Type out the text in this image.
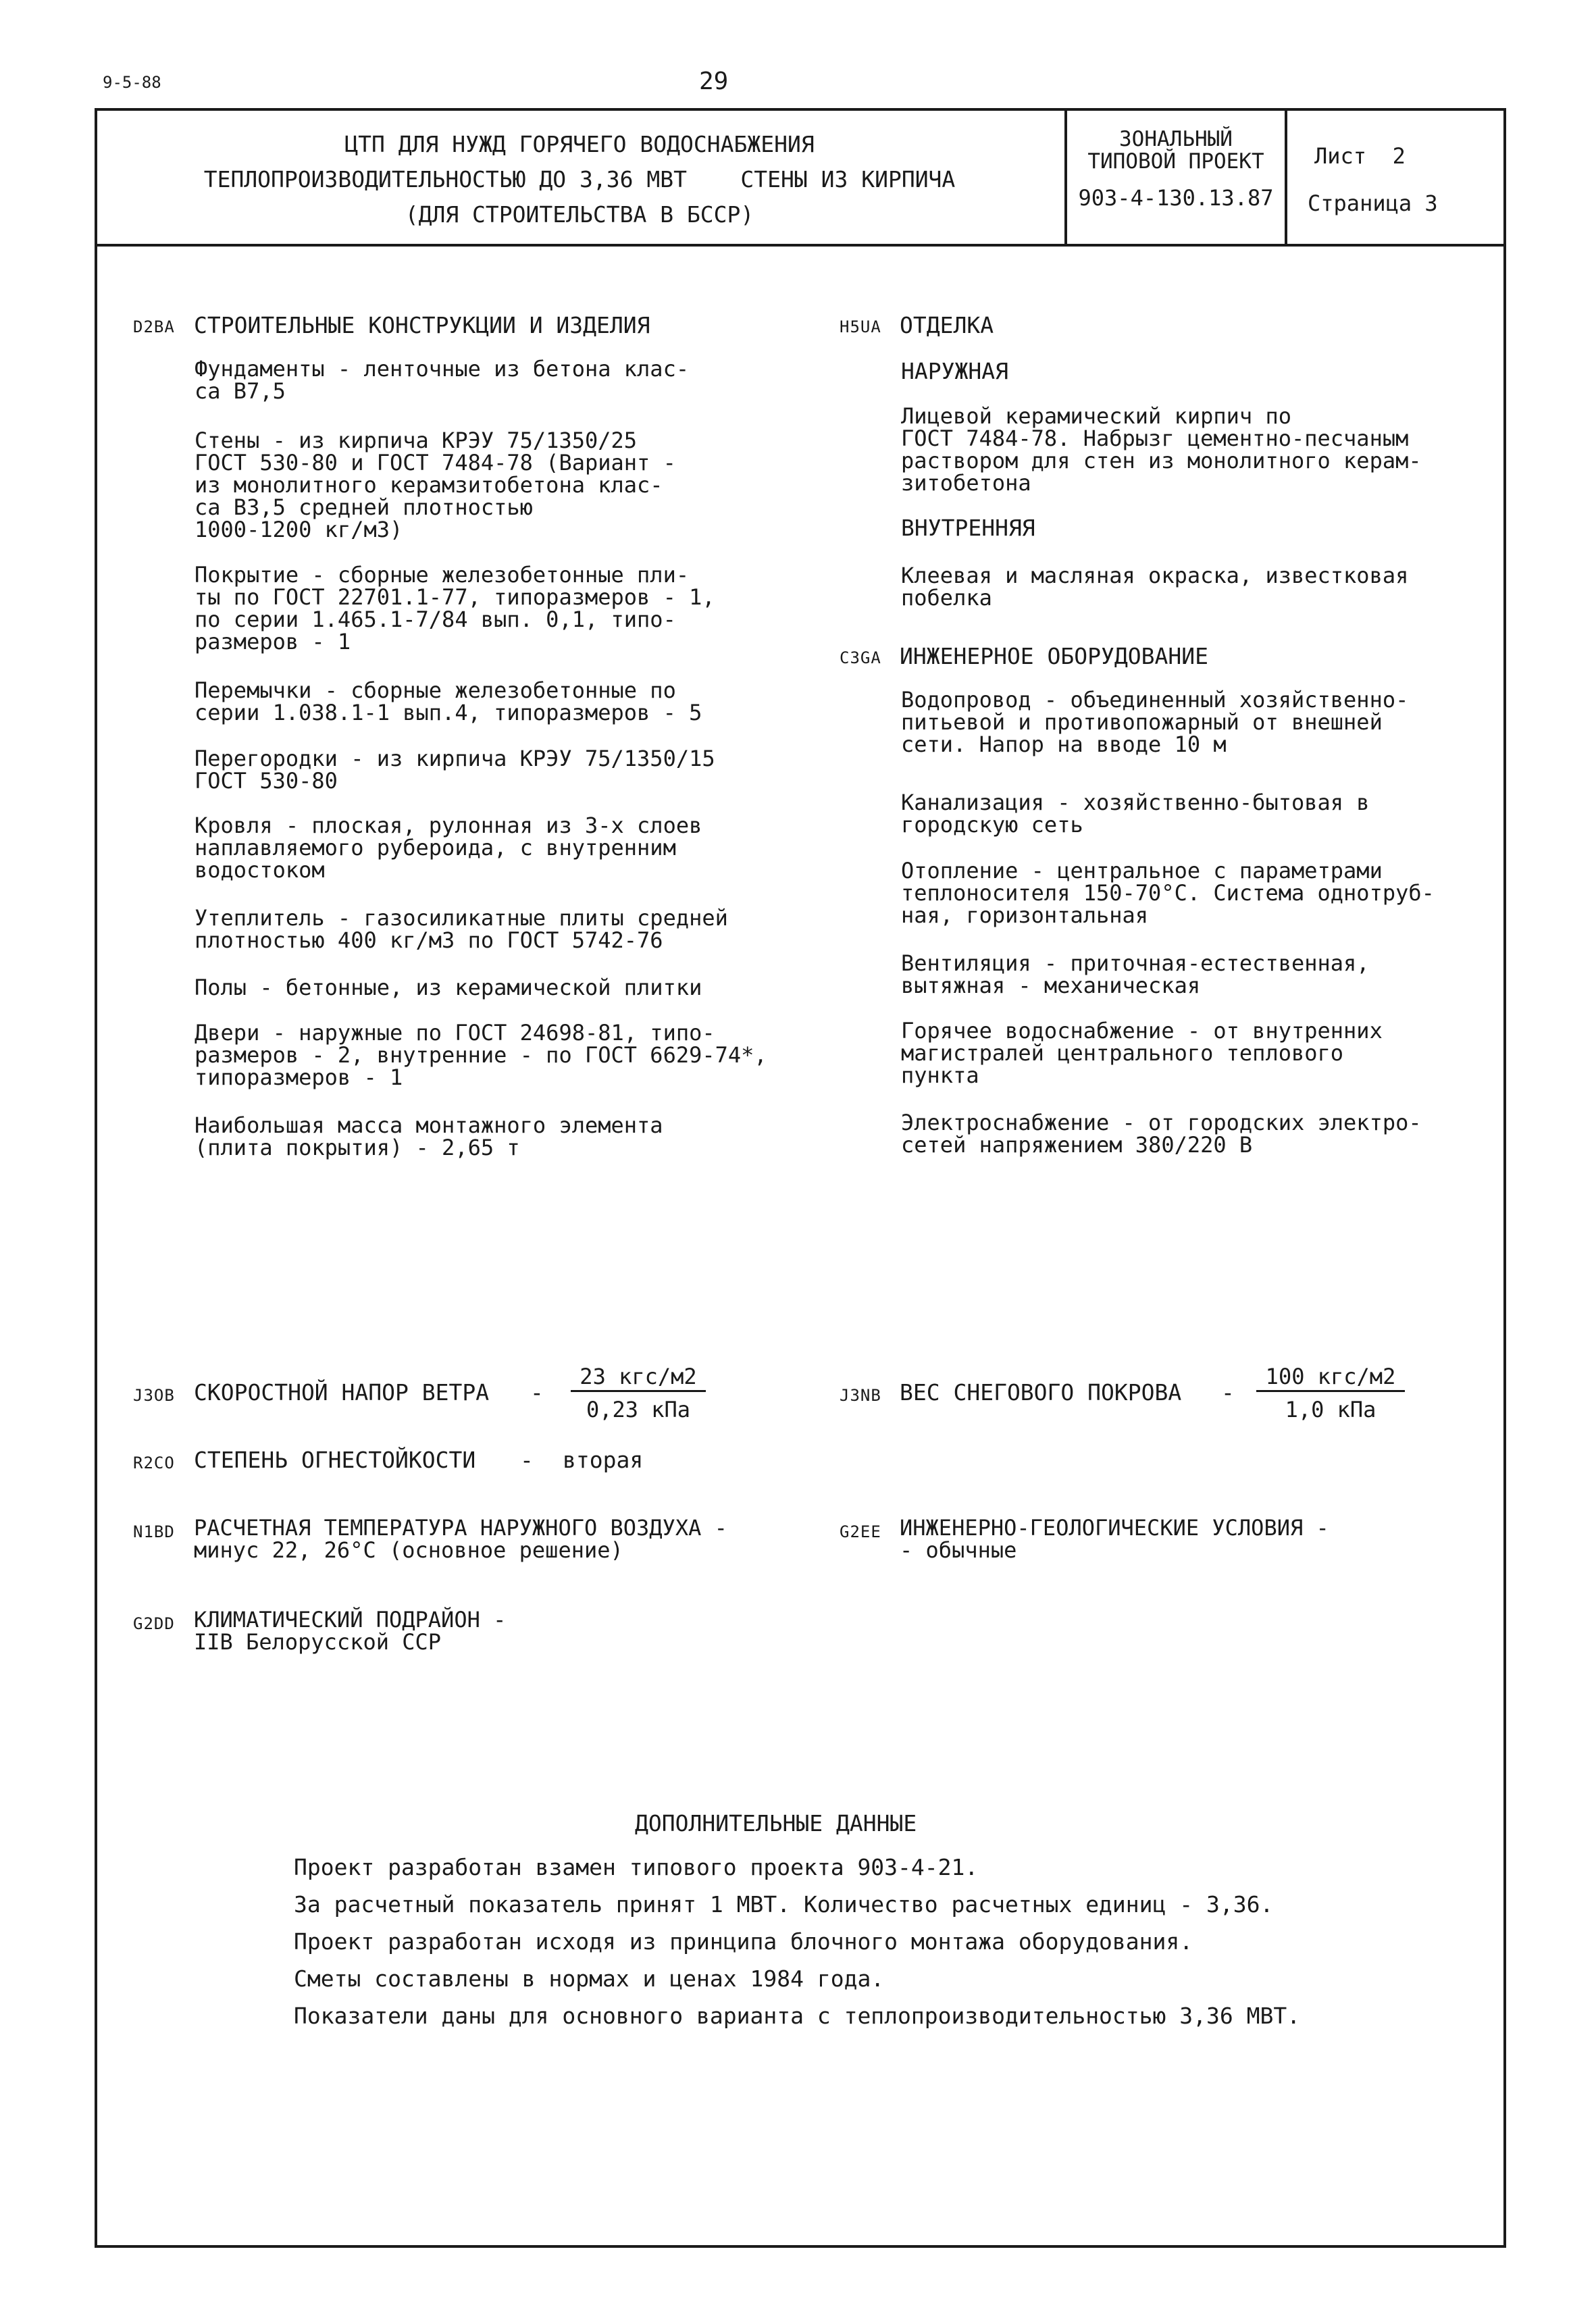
9-5-88	29
ЦТП ДЛЯ НУЖД ГОРЯЧЕГО ВОДОСНАБЖЕНИЯ
ТЕПЛОПРОИЗВОДИТЕЛЬНОСТЬЮ ДО 3,36 МВТ    СТЕНЫ ИЗ КИРПИЧА
(ДЛЯ СТРОИТЕЛЬСТВА В БССР)
ЗОНАЛЬНЫЙ
ТИПОВОЙ ПРОЕКТ
903-4-130.13.87
Лист  2
Страница 3
D2BA СТРОИТЕЛЬНЫЕ КОНСТРУКЦИИ И ИЗДЕЛИЯ
Фундаменты - ленточные из бетона клас-
са В7,5
Стены - из кирпича КРЭУ 75/1350/25
ГОСТ 530-80 и ГОСТ 7484-78 (Вариант -
из монолитного керамзитобетона клас-
са В3,5 средней плотностью
1000-1200 кг/м3)
Покрытие - сборные железобетонные пли-
ты по ГОСТ 22701.1-77, типоразмеров - 1,
по серии 1.465.1-7/84 вып. 0,1, типо-
размеров - 1
Перемычки - сборные железобетонные по
серии 1.038.1-1 вып.4, типоразмеров - 5
Перегородки - из кирпича КРЭУ 75/1350/15
ГОСТ 530-80
Кровля - плоская, рулонная из 3-х слоев
наплавляемого рубероида, с внутренним
водостоком
Утеплитель - газосиликатные плиты средней
плотностью 400 кг/м3 по ГОСТ 5742-76
Полы - бетонные, из керамической плитки
Двери - наружные по ГОСТ 24698-81, типо-
размеров - 2, внутренние - по ГОСТ 6629-74*,
типоразмеров - 1
Наибольшая масса монтажного элемента
(плита покрытия) - 2,65 т
H5UA ОТДЕЛКА
НАРУЖНАЯ
Лицевой керамический кирпич по
ГОСТ 7484-78. Набрызг цементно-песчаным
раствором для стен из монолитного керам-
зитобетона
ВНУТРЕННЯЯ
Клеевая и масляная окраска, известковая
побелка
C3GA ИНЖЕНЕРНОЕ ОБОРУДОВАНИЕ
Водопровод - объединенный хозяйственно-
питьевой и противопожарный от внешней
сети. Напор на вводе 10 м
Канализация - хозяйственно-бытовая в
городскую сеть
Отопление - центральное с параметрами
теплоносителя 150-70°С. Система однотруб-
ная, горизонтальная
Вентиляция - приточная-естественная,
вытяжная - механическая
Горячее водоснабжение - от внутренних
магистралей центрального теплового
пункта
Электроснабжение - от городских электро-
сетей напряжением 380/220 В
J3OB СКОРОСТНОЙ НАПОР ВЕТРА -
23 кгс/м2
0,23 кПа
J3NB ВЕС СНЕГОВОГО ПОКРОВА -
100 кгс/м2
1,0 кПа
R2CO СТЕПЕНЬ ОГНЕСТОЙКОСТИ - вторая
N1BD РАСЧЕТНАЯ ТЕМПЕРАТУРА НАРУЖНОГО ВОЗДУХА -
минус 22, 26°С (основное решение)
G2EE ИНЖЕНЕРНО-ГЕОЛОГИЧЕСКИЕ УСЛОВИЯ -
- обычные
G2DD КЛИМАТИЧЕСКИЙ ПОДРАЙОН -
IIВ Белорусской ССР
ДОПОЛНИТЕЛЬНЫЕ ДАННЫЕ
Проект разработан взамен типового проекта 903-4-21.
За расчетный показатель принят 1 МВТ. Количество расчетных единиц - 3,36.
Проект разработан исходя из принципа блочного монтажа оборудования.
Сметы составлены в нормах и ценах 1984 года.
Показатели даны для основного варианта с теплопроизводительностью 3,36 МВТ.
